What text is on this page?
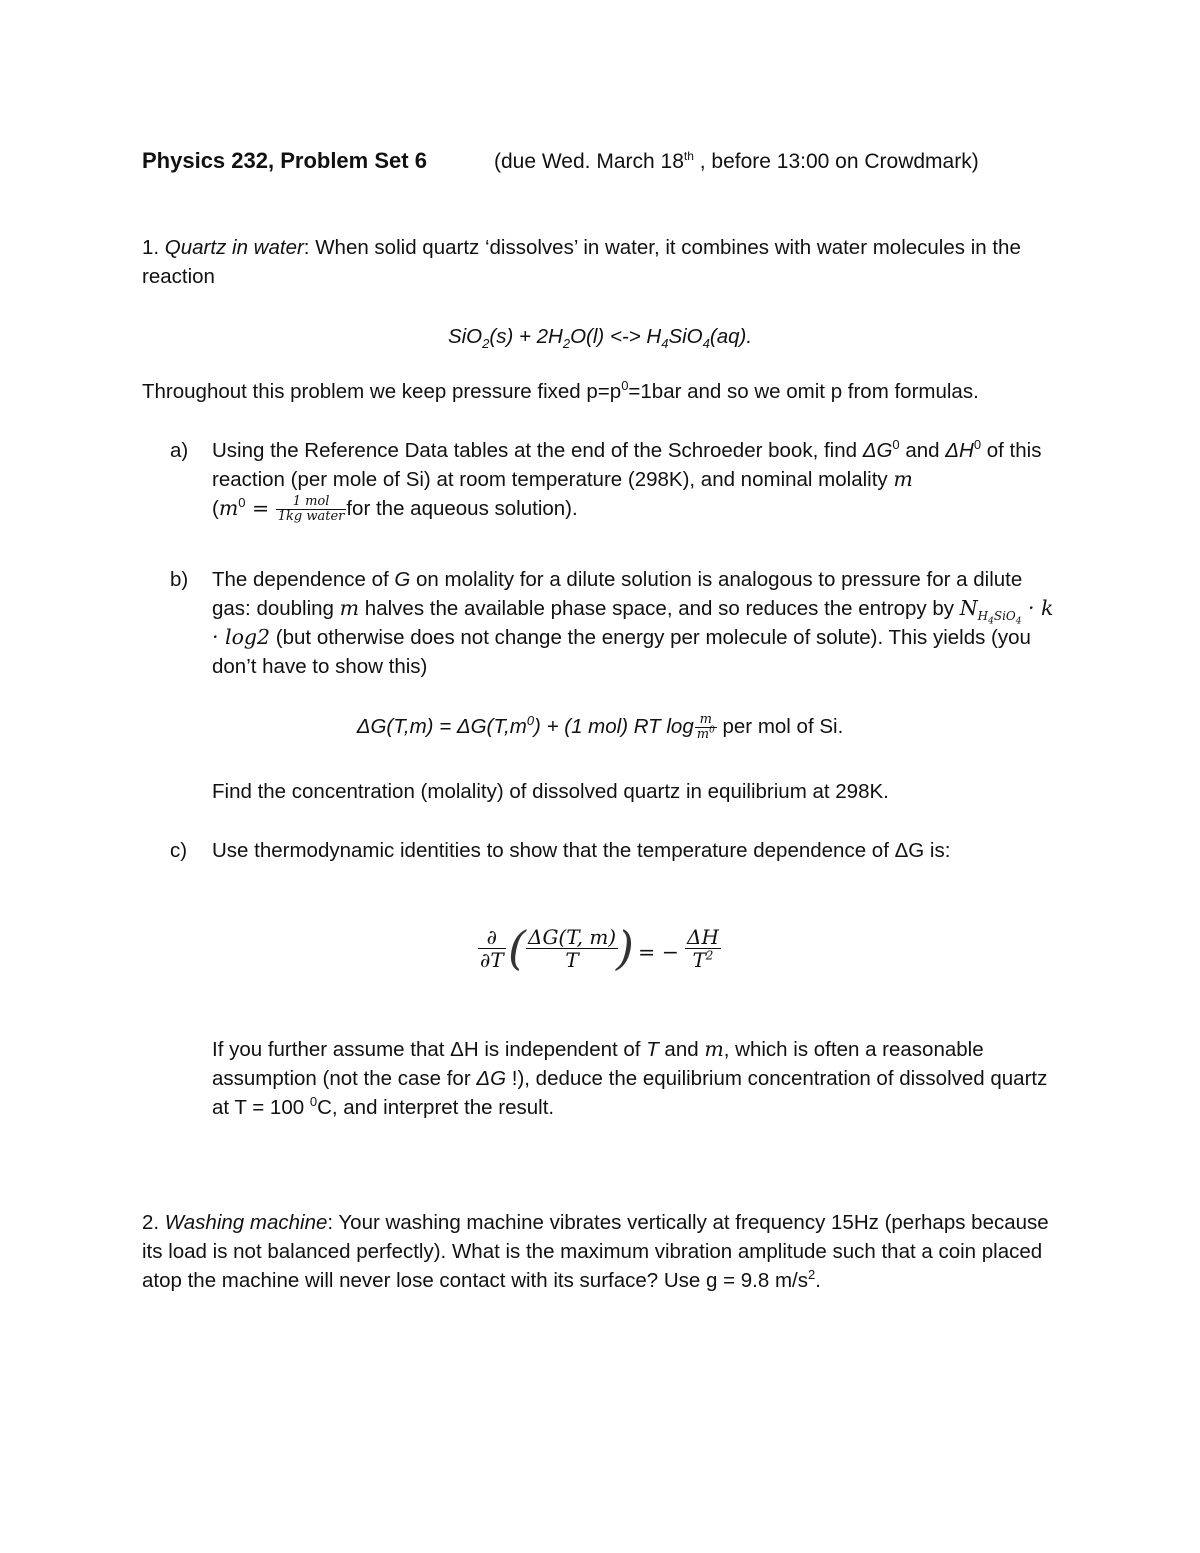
Physics 232, Problem Set 6	(due Wed. March 18th , before 13:00 on Crowdmark)
1. Quartz in water: When solid quartz ‘dissolves’ in water, it combines with water molecules in the reaction
$SiO_2(s) + 2H_2O(l)$ <-> $H_4SiO_4(aq)$.
Throughout this problem we keep pressure fixed $p=p^0=1bar$ and so we omit p from formulas.
a) Using the Reference Data tables at the end of the Schroeder book, find $\Delta G^0$ and $\Delta H^0$ of this reaction (per mole of Si) at room temperature (298K), and nominal molality m
($m^0 = \frac{\text{1 mol}}{\text{1kg water}}$ for the aqueous solution).
b) The dependence of G on molality for a dilute solution is analogous to pressure for a dilute gas: doubling m halves the available phase space, and so reduces the entropy by $N_{H_4SiO_4} \cdot k \cdot \log 2$ (but otherwise does not change the energy per molecule of solute). This yields (you don’t have to show this)
$\Delta G(T,m) = \Delta G(T,m^0) + (1$ mol) RT $\log \frac{m}{m^0}$ per mol of Si.
Find the concentration (molality) of dissolved quartz in equilibrium at 298K.
c) Use thermodynamic identities to show that the temperature dependence of ΔG is:
∂
∂T ( $\frac{\Delta G(T, m)}{T}$
) = − $\frac{\Delta H}{T^2}$
If you further assume that ΔH is independent of T and m, which is often a reasonable assumption (not the case for ΔG !), deduce the equilibrium concentration of dissolved quartz at T = 100 $^0$C, and interpret the result.
2. Washing machine: Your washing machine vibrates vertically at frequency 15Hz (perhaps because its load is not balanced perfectly). What is the maximum vibration amplitude such that a coin placed atop the machine will never lose contact with its surface? Use g = 9.8 $m/s^2$.
